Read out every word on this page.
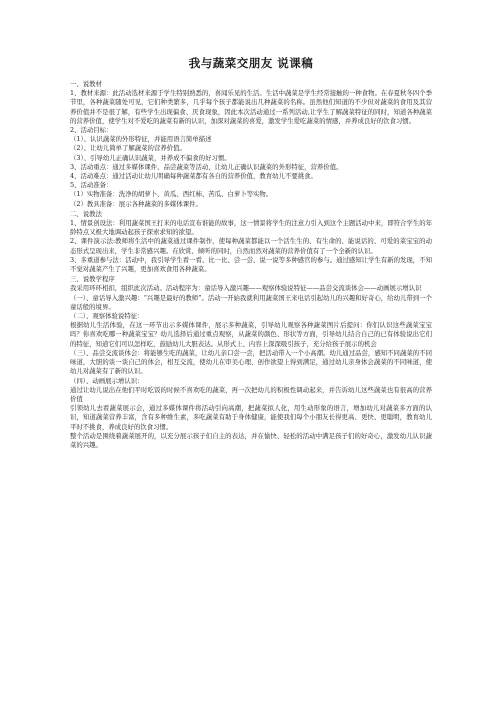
我与蔬菜交朋友 说课稿

一、说教材

1、教材来源：此活动选材来源于学生特别熟悉的，喜闻乐见的生活。生活中蔬菜是学生经常接触的一种食物。在春夏秋冬四个季节里，各种蔬菜随处可见，它们种类繁多，几乎每个孩子都能说出几种蔬菜的名称。虽然他们知道的不少但对蔬菜的食用及其营养价值并不是很了解，有些学生出现偏食、厌食现象，因此本次活动通过一系列活动,让学生了解蔬菜特征的同时，知道各种蔬菜的营养价值，使学生对不爱吃的蔬菜有新的认识，加深对蔬菜的喜爱，激发学生爱吃蔬菜的情感，并养成良好的饮食习惯。

2、活动目标：

（1）、认识蔬菜的外形特征，并能用语言简单描述

（2）、让幼儿简单了解蔬菜的营养价值。

（3）、引导幼儿正确认识蔬菜，并养成不偏食的好习惯。

3、活动重点：通过多媒体课件、品尝蔬菜等活动，让幼儿正确认识蔬菜的外形特征，营养价值。

4、活动难点：通过活动让幼儿明确每种蔬菜都有各自的营养价值，教育幼儿不要挑食。

5、活动准备：

（1）实物准备：洗净的胡萝卜、黄瓜、西红柿、苦瓜、白萝卜等实物。

（2）教具准备：展示各种蔬菜的多媒体课件。

二、说教法

1、情景创设法：利用蔬菜国王打来的电话宣布谁能的故事，这一情景将学生的注意力引入到这个主题活动中来，即符合学生的年龄特点又极大地调动起孩子探索求知的欲望。

2、课件演示法:教师将生活中的蔬菜通过课件制作，使每种蔬菜都能以一个活生生的、有生命的、能说话的、可爱的菜宝宝的动态形式呈现出来，学生非常感兴趣。在欣赏、倾听的同时，自然而然对蔬菜的营养价值有了一个全新的认识。

3、多重道参与法：活动中，我引导学生看一看、比一比、尝一尝、说一说等多种感官的参与。通过感知让学生有新的发现，不知不觉对蔬菜产生了兴趣，更加喜欢食用各种蔬菜。

三、说教学程序

我采用环环相扣，组织此次活动。活动程序为：童话导入激兴趣——观察体验说特征——品尝交流谈体会——动画展示增认识

（一）、童话导入激兴趣：“兴趣是最好的教师”。活动一开始我就利用蔬菜国王来电话引起幼儿的兴趣和好奇心，给幼儿带到一个童话般的境界。

（二）、观察体验说特征：

根据幼儿生活体验，在这一环节出示多媒体课件，展示多种蔬菜，引导幼儿观察各种蔬菜图片后提问：你们认识这些蔬菜宝宝吗？你喜欢吃哪一种蔬菜宝宝？幼儿选择后通过重点观察，从蔬菜的颜色、形状等方面，引导幼儿结合自己的已有体验说出它们的特征，知道它们可以怎样吃，鼓励幼儿大胆表达。从形式上、内容上深深吸引孩子，充分给孩子展示的机会

（三）、品尝交流谈体会：将能够生吃的蔬菜，让幼儿亲口尝一尝，把活动带入一个小高潮。幼儿通过品尝，感知不同蔬菜的不同味道，大胆的谈一谈自己的体会，相互交流，使幼儿在审美心理、创作欲望上得到满足，通过幼儿亲身体会蔬菜的不同味道，使幼儿对蔬菜有了新的认识。

（四）、动画展示增认识：

通过让幼儿说出在他们平时吃饭的时候不喜欢吃的蔬菜，再一次把幼儿的积极性调动起来，并告诉幼儿这些蔬菜也有很高的营养价值

引领幼儿去看蔬菜展示会，通过多媒体课件将活动引向高潮，把蔬菜拟人化，用生动形象的语言，增加幼儿对蔬菜多方面的认识，知道蔬菜营养丰富，含有多种维生素，多吃蔬菜有助于身体健康，能使我们每个小朋友长得更高、更快、更聪明，教育幼儿平时不挑食，养成良好的饮食习惯。

整个活动是围绕着蔬菜展开的，以充分展示孩子们自主的表达，并在愉快、轻松的活动中满足孩子们的好奇心，激发幼儿认识蔬菜的兴趣。
